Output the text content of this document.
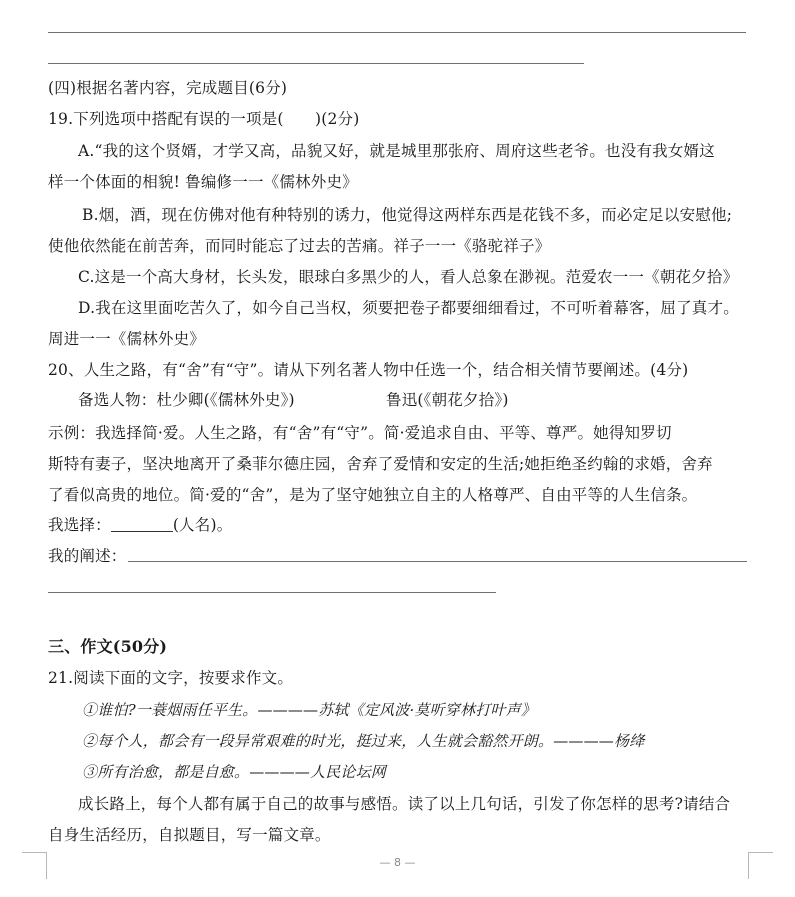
(四)根据名著内容，完成题目(6分)
19.下列选项中搭配有误的一项是(　　)(2分)
A.“我的这个贤婿，才学又高，品貌又好，就是城里那张府、周府这些老爷。也没有我女婿这
样一个体面的相貌! 鲁编修一一《儒林外史》
B.烟，酒，现在仿佛对他有种特别的诱力，他觉得这两样东西是花钱不多，而必定足以安慰他;
使他依然能在前苦奔，而同时能忘了过去的苦痛。祥子一一《骆驼祥子》
C.这是一个高大身材，长头发，眼球白多黑少的人，看人总象在渺视。范爱农一一《朝花夕拾》
D.我在这里面吃苦久了，如今自己当权，须要把卷子都要细细看过，不可听着幕客，屈了真才。
周进一一《儒林外史》
20、人生之路，有“舍”有“守”。请从下列名著人物中任选一个，结合相关情节要阐述。(4分)
备选人物：杜少卿(《儒林外史》)	鲁迅(《朝花夕拾》)
示例：我选择简·爱。人生之路，有“舍”有“守”。简·爱追求自由、平等、尊严。她得知罗切
斯特有妻子，坚决地离开了桑菲尔德庄园，舍弃了爱情和安定的生活;她拒绝圣约翰的求婚，舍弃
了看似高贵的地位。简·爱的“舍”，是为了坚守她独立自主的人格尊严、自由平等的人生信条。
我选择：	(人名)。
我的阐述：
三、作文(50分)
21.阅读下面的文字，按要求作文。
①谁怕?一蓑烟雨任平生。————苏轼《定风波·莫听穿林打叶声》
②每个人，都会有一段异常艰难的时光，挺过来，人生就会豁然开朗。————杨绛
③所有治愈，都是自愈。————人民论坛网
成长路上，每个人都有属于自己的故事与感悟。读了以上几句话，引发了你怎样的思考?请结合
自身生活经历，自拟题目，写一篇文章。
— 8 —
